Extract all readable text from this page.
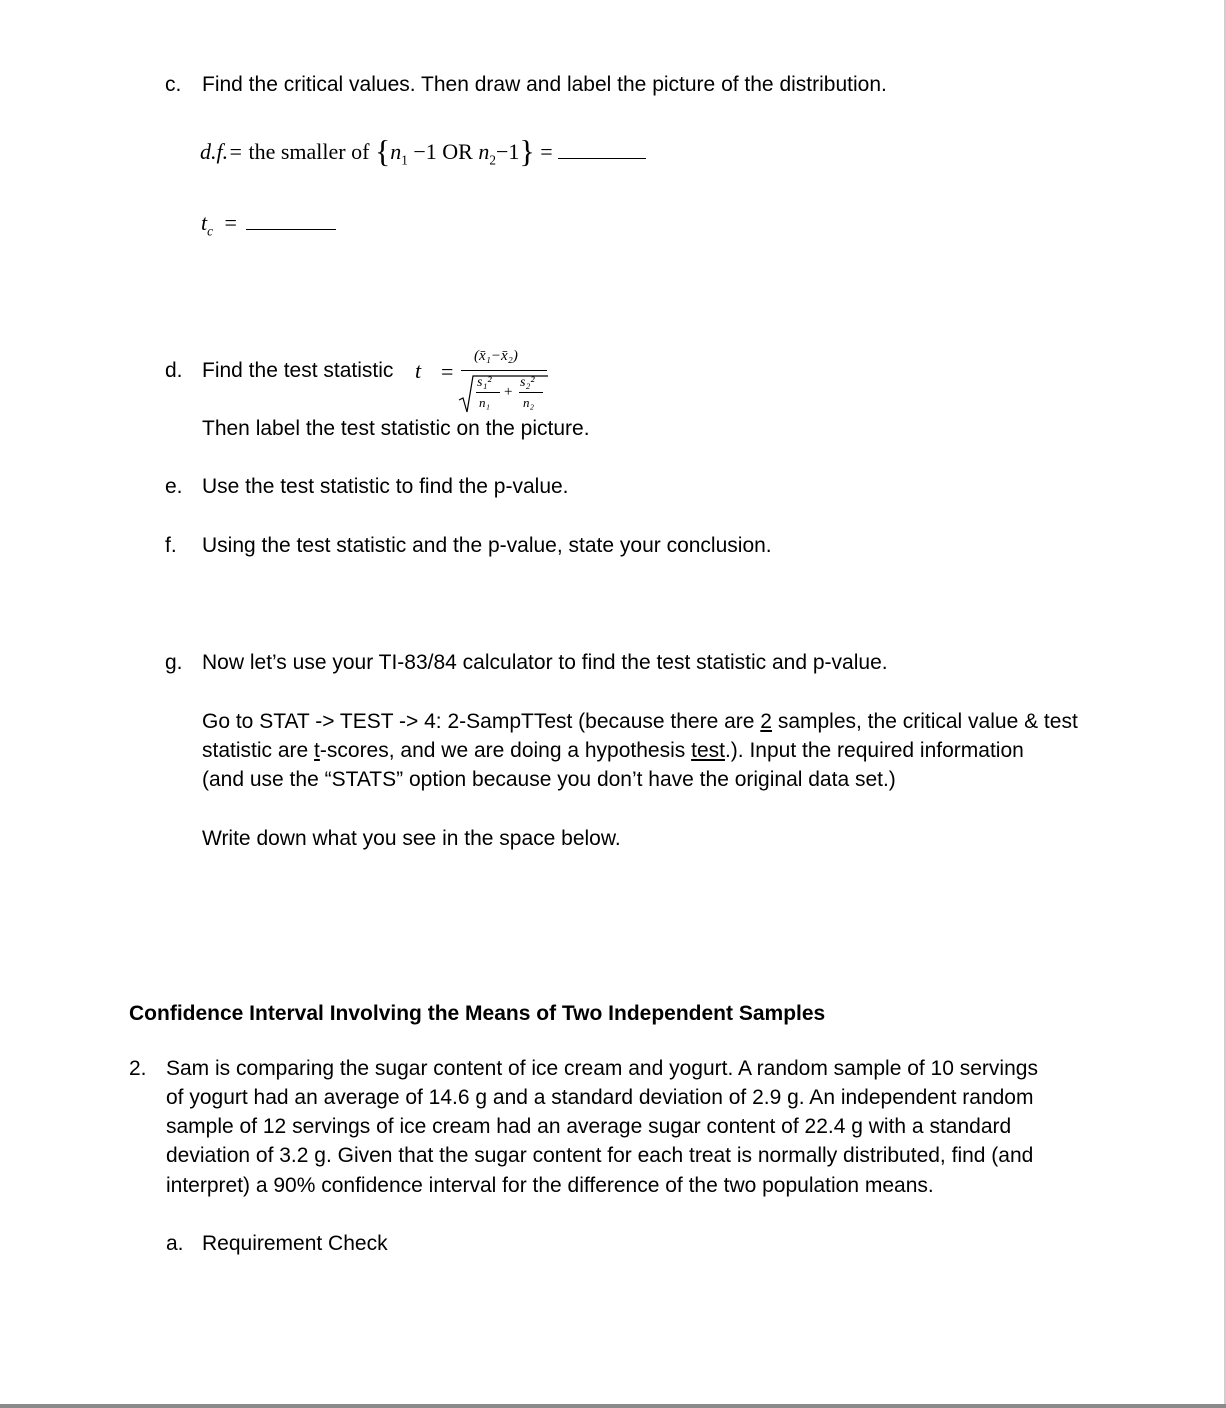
c. Find the critical values. Then draw and label the picture of the distribution.
d.f.= the smaller of {$n_1 -1$ OR $n_2-1$} =
$t_c$ =
d. Find the test statistic t =
(x̄₁−x̄₂)
s₁²
n₁
+
s₂²
n₂
Then label the test statistic on the picture.
e. Use the test statistic to find the p-value.
f. Using the test statistic and the p-value, state your conclusion.
g. Now let’s use your TI-83/84 calculator to find the test statistic and p-value.
Go to STAT -> TEST -> 4: 2-SampTTest (because there are 2 samples, the critical value & test
statistic are t-scores, and we are doing a hypothesis test.). Input the required information
(and use the “STATS” option because you don’t have the original data set.)
Write down what you see in the space below.
Confidence Interval Involving the Means of Two Independent Samples
2. Sam is comparing the sugar content of ice cream and yogurt. A random sample of 10 servings
of yogurt had an average of 14.6 g and a standard deviation of 2.9 g. An independent random
sample of 12 servings of ice cream had an average sugar content of 22.4 g with a standard
deviation of 3.2 g. Given that the sugar content for each treat is normally distributed, find (and
interpret) a 90% confidence interval for the difference of the two population means.
a. Requirement Check
